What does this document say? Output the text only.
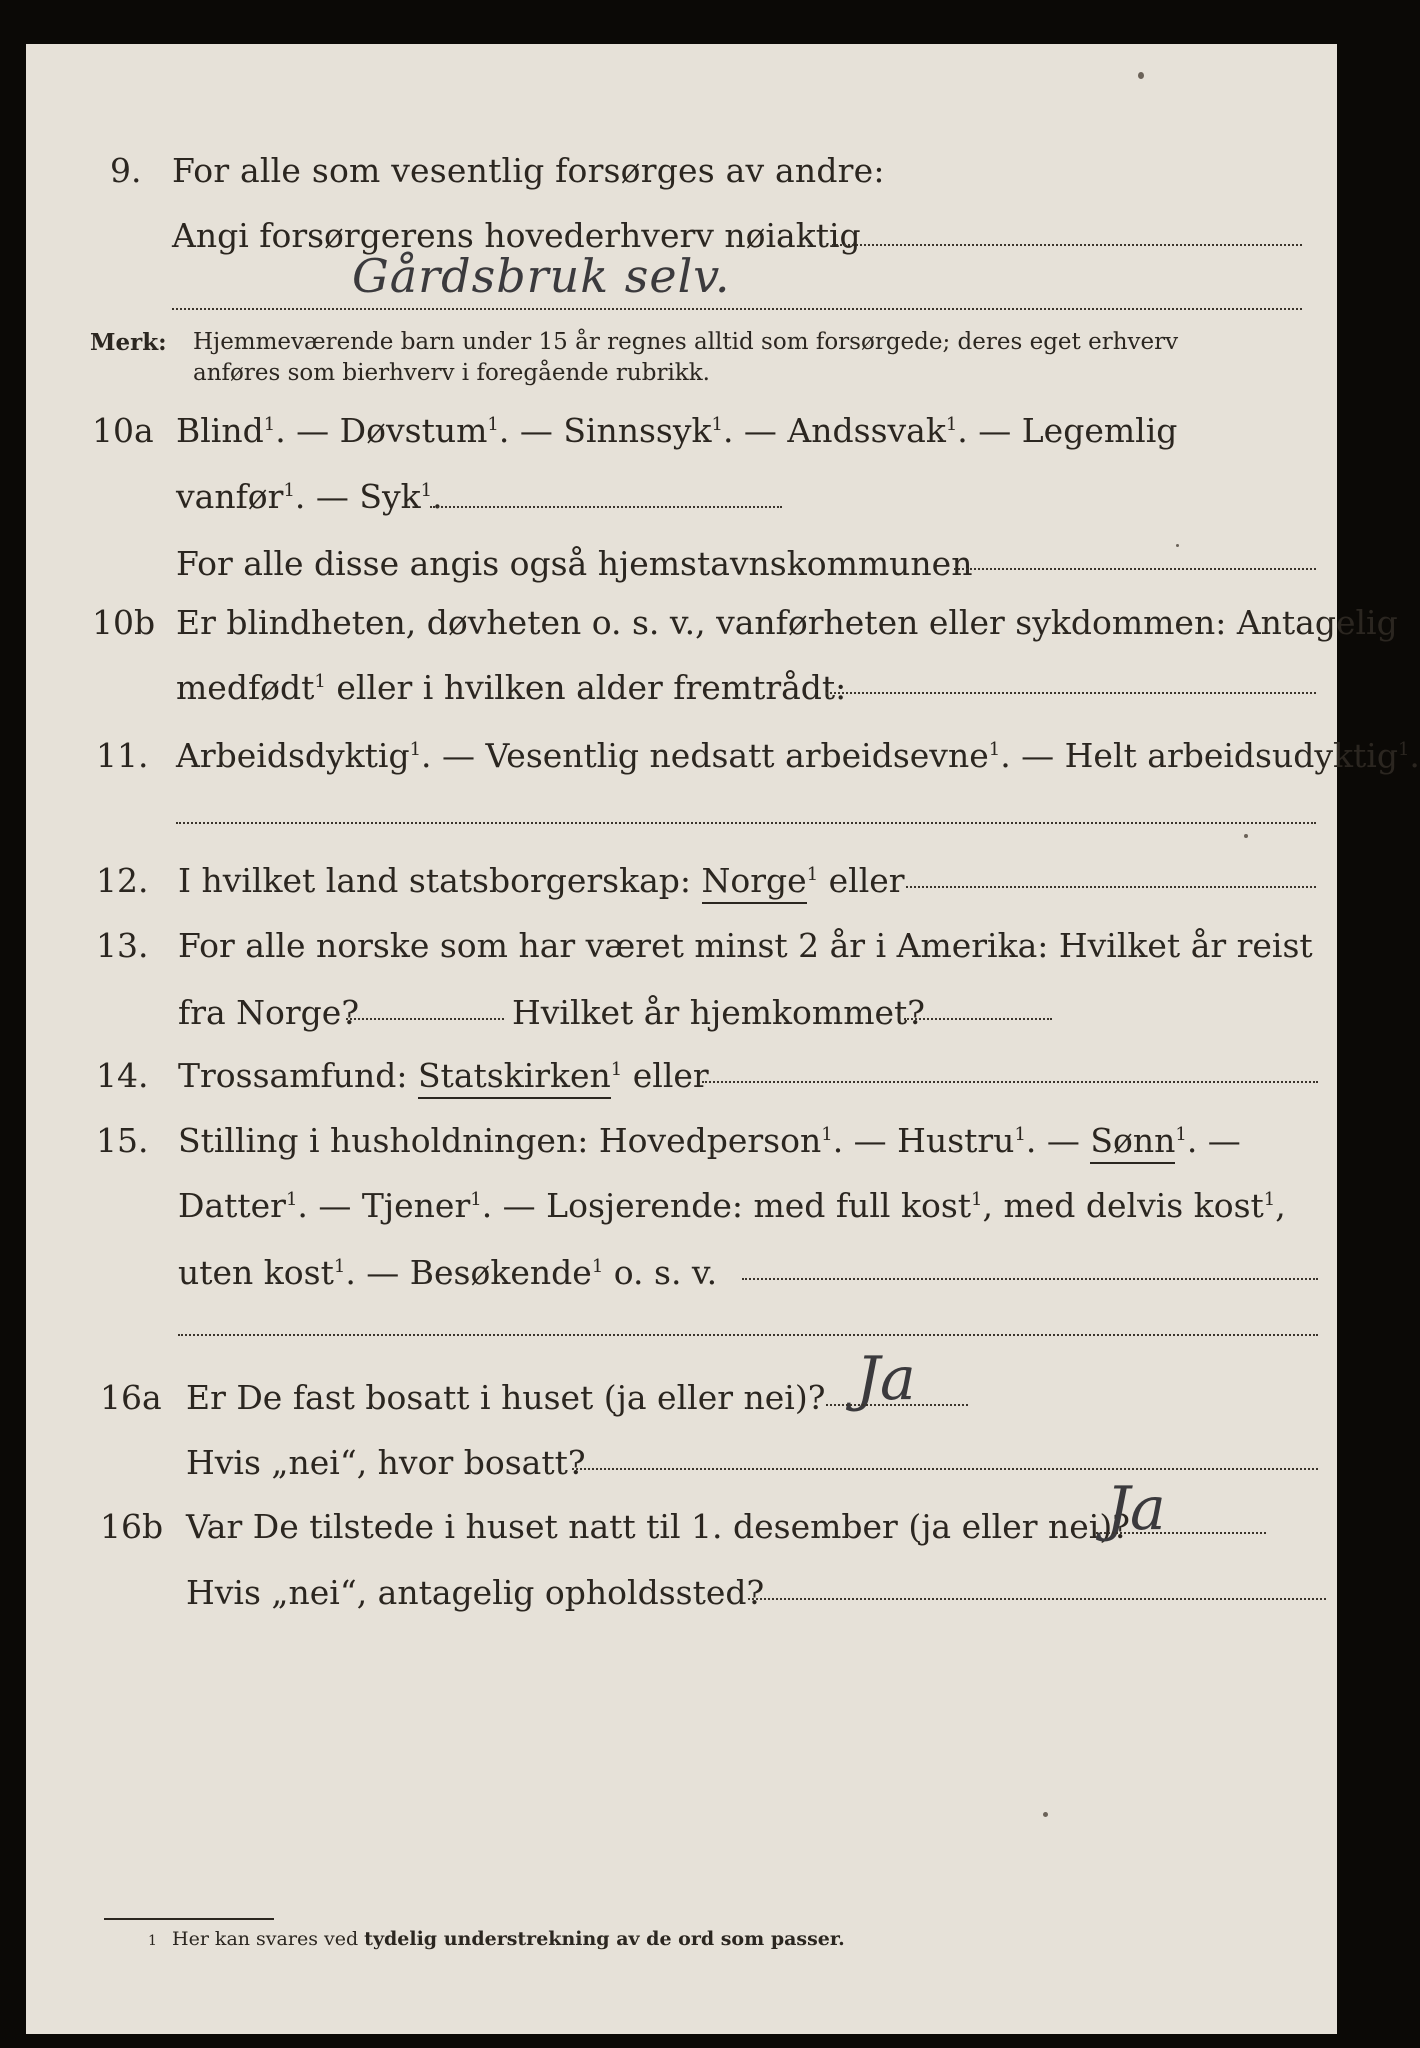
9. For alle som vesentlig forsørges av andre:
Angi forsørgerens hovederhverv nøiaktig
Gårdsbruk selv.
Merk: Hjemmeværende barn under 15 år regnes alltid som forsørgede; deres eget erhverv
anføres som bierhverv i foregående rubrikk.
10a Blind$^1$. — Døvstum$^1$. — Sinnssyk$^1$. — Andssvak$^1$. — Legemlig
vanfør$^1$. — Syk$^1$.
For alle disse angis også hjemstavnskommunen
10b Er blindheten, døvheten o. s. v., vanførheten eller sykdommen: Antagelig
medfødt$^1$ eller i hvilken alder fremtrådt:
11. Arbeidsdyktig$^1$. — Vesentlig nedsatt arbeidsevne$^1$. — Helt arbeidsudyktig$^1$.
12. I hvilket land statsborgerskap: Norge$^1$ eller
13. For alle norske som har været minst 2 år i Amerika: Hvilket år reist
fra Norge?	Hvilket år hjemkommet?
14. Trossamfund: Statskirken$^1$ eller
15. Stilling i husholdningen: Hovedperson$^1$. — Hustru$^1$. — Sønn$^1$. —
Datter$^1$. — Tjener$^1$. — Losjerende: med full kost$^1$, med delvis kost$^1$,
uten kost$^1$. — Besøkende$^1$ o. s. v.
16a Er De fast bosatt i huset (ja eller nei)? Ja
Hvis „nei“, hvor bosatt?
16b Var De tilstede i huset natt til 1. desember (ja eller nei)?
Ja
Hvis „nei“, antagelig opholdssted?
1 Her kan svares ved tydelig understrekning av de ord som passer.
